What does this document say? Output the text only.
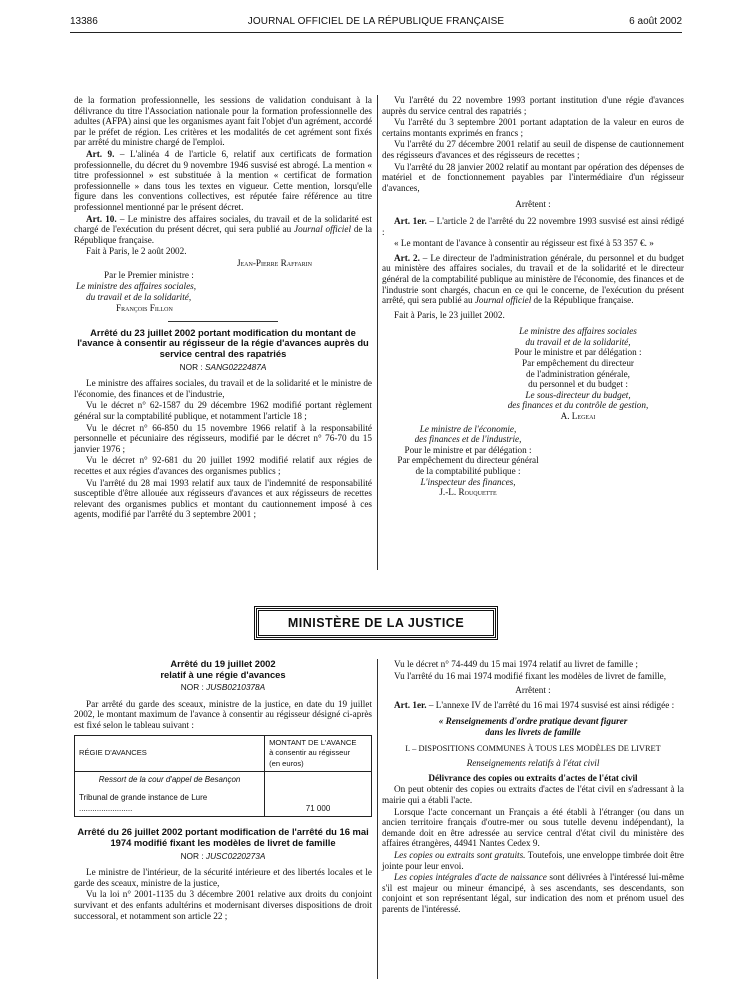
13386	JOURNAL OFFICIEL DE LA RÉPUBLIQUE FRANÇAISE	6 août 2002

de la formation professionnelle, les sessions de validation conduisant à la délivrance du titre l'Association nationale pour la formation professionnelle des adultes (AFPA) ainsi que les organismes ayant fait l'objet d'un agrément, accordé par le préfet de région. Les critères et les modalités de cet agrément sont fixés par arrêté du ministre chargé de l'emploi.

Art. 9. – L'alinéa 4 de l'article 6, relatif aux certificats de formation professionnelle, du décret du 9 novembre 1946 susvisé est abrogé. La mention « titre professionnel » est substituée à la mention « certificat de formation professionnelle » dans tous les textes en vigueur. Cette mention, lorsqu'elle figure dans les conventions collectives, est réputée faire référence au titre professionnel mentionné par le présent décret.

Art. 10. – Le ministre des affaires sociales, du travail et de la solidarité est chargé de l'exécution du présent décret, qui sera publié au Journal officiel de la République française.

Fait à Paris, le 2 août 2002.

Jean-Pierre Raffarin

Par le Premier ministre :

Le ministre des affaires sociales,
du travail et de la solidarité,

François Fillon

Arrêté du 23 juillet 2002 portant modification du montant de l'avance à consentir au régisseur de la régie d'avances auprès du service central des rapatriés

NOR : SANG0222487A

Le ministre des affaires sociales, du travail et de la solidarité et le ministre de l'économie, des finances et de l'industrie,

Vu le décret n° 62-1587 du 29 décembre 1962 modifié portant règlement général sur la comptabilité publique, et notamment l'article 18 ;

Vu le décret n° 66-850 du 15 novembre 1966 relatif à la responsabilité personnelle et pécuniaire des régisseurs, modifié par le décret n° 76-70 du 15 janvier 1976 ;

Vu le décret n° 92-681 du 20 juillet 1992 modifié relatif aux régies de recettes et aux régies d'avances des organismes publics ;

Vu l'arrêté du 28 mai 1993 relatif aux taux de l'indemnité de responsabilité susceptible d'être allouée aux régisseurs d'avances et aux régisseurs de recettes relevant des organismes publics et montant du cautionnement imposé à ces agents, modifié par l'arrêté du 3 septembre 2001 ;

Vu l'arrêté du 22 novembre 1993 portant institution d'une régie d'avances auprès du service central des rapatriés ;

Vu l'arrêté du 3 septembre 2001 portant adaptation de la valeur en euros de certains montants exprimés en francs ;

Vu l'arrêté du 27 décembre 2001 relatif au seuil de dispense de cautionnement des régisseurs d'avances et des régisseurs de recettes ;

Vu l'arrêté du 28 janvier 2002 relatif au montant par opération des dépenses de matériel et de fonctionnement payables par l'intermédiaire d'un régisseur d'avances,

Arrêtent :

Art. 1er. – L'article 2 de l'arrêté du 22 novembre 1993 susvisé est ainsi rédigé :

« Le montant de l'avance à consentir au régisseur est fixé à 53 357 €. »

Art. 2. – Le directeur de l'administration générale, du personnel et du budget au ministère des affaires sociales, du travail et de la solidarité et le directeur général de la comptabilité publique au ministère de l'économie, des finances et de l'industrie sont chargés, chacun en ce qui le concerne, de l'exécution du présent arrêté, qui sera publié au Journal officiel de la République française.

Fait à Paris, le 23 juillet 2002.

Le ministre des affaires sociales
du travail et de la solidarité,
Pour le ministre et par délégation :
Par empêchement du directeur
de l'administration générale,
du personnel et du budget :
Le sous-directeur du budget,
des finances et du contrôle de gestion,
A. Legeai
Le ministre de l'économie,
des finances et de l'industrie,
Pour le ministre et par délégation :
Par empêchement du directeur général
de la comptabilité publique :
L'inspecteur des finances,
J.-L. Rouquette
MINISTÈRE DE LA JUSTICE

Arrêté du 19 juillet 2002
relatif à une régie d'avances

NOR : JUSB0210378A

Par arrêté du garde des sceaux, ministre de la justice, en date du 19 juillet 2002, le montant maximum de l'avance à consentir au régisseur désigné ci-après est fixé selon le tableau suivant :

RÉGIE D'AVANCES	MONTANT DE L'AVANCE
à consentir au régisseur
(en euros)

Ressort de la cour d'appel de Besançon
Tribunal de grande instance de Lure ........................	71 000

Arrêté du 26 juillet 2002 portant modification de l'arrêté du 16 mai 1974 modifié fixant les modèles de livret de famille

NOR : JUSC0220273A

Le ministre de l'intérieur, de la sécurité intérieure et des libertés locales et le garde des sceaux, ministre de la justice,

Vu la loi n° 2001-1135 du 3 décembre 2001 relative aux droits du conjoint survivant et des enfants adultérins et modernisant diverses dispositions de droit successoral, et notamment son article 22 ;

Vu le décret n° 74-449 du 15 mai 1974 relatif au livret de famille ;

Vu l'arrêté du 16 mai 1974 modifié fixant les modèles de livret de famille,

Arrêtent :

Art. 1er. – L'annexe IV de l'arrêté du 16 mai 1974 susvisé est ainsi rédigée :

« Renseignements d'ordre pratique devant figurer
dans les livrets de famille

I. – DISPOSITIONS COMMUNES À TOUS LES MODÈLES DE LIVRET

Renseignements relatifs à l'état civil

Délivrance des copies ou extraits d'actes de l'état civil

On peut obtenir des copies ou extraits d'actes de l'état civil en s'adressant à la mairie qui a établi l'acte.

Lorsque l'acte concernant un Français a été établi à l'étranger (ou dans un ancien territoire français d'outre-mer ou sous tutelle devenu indépendant), la demande doit en être adressée au service central d'état civil du ministère des affaires étrangères, 44941 Nantes Cedex 9.

Les copies ou extraits sont gratuits. Toutefois, une enveloppe timbrée doit être jointe pour leur envoi.

Les copies intégrales d'acte de naissance sont délivrées à l'intéressé lui-même s'il est majeur ou mineur émancipé, à ses ascendants, ses descendants, son conjoint et son représentant légal, sur indication des nom et prénom usuel des parents de l'intéressé.
